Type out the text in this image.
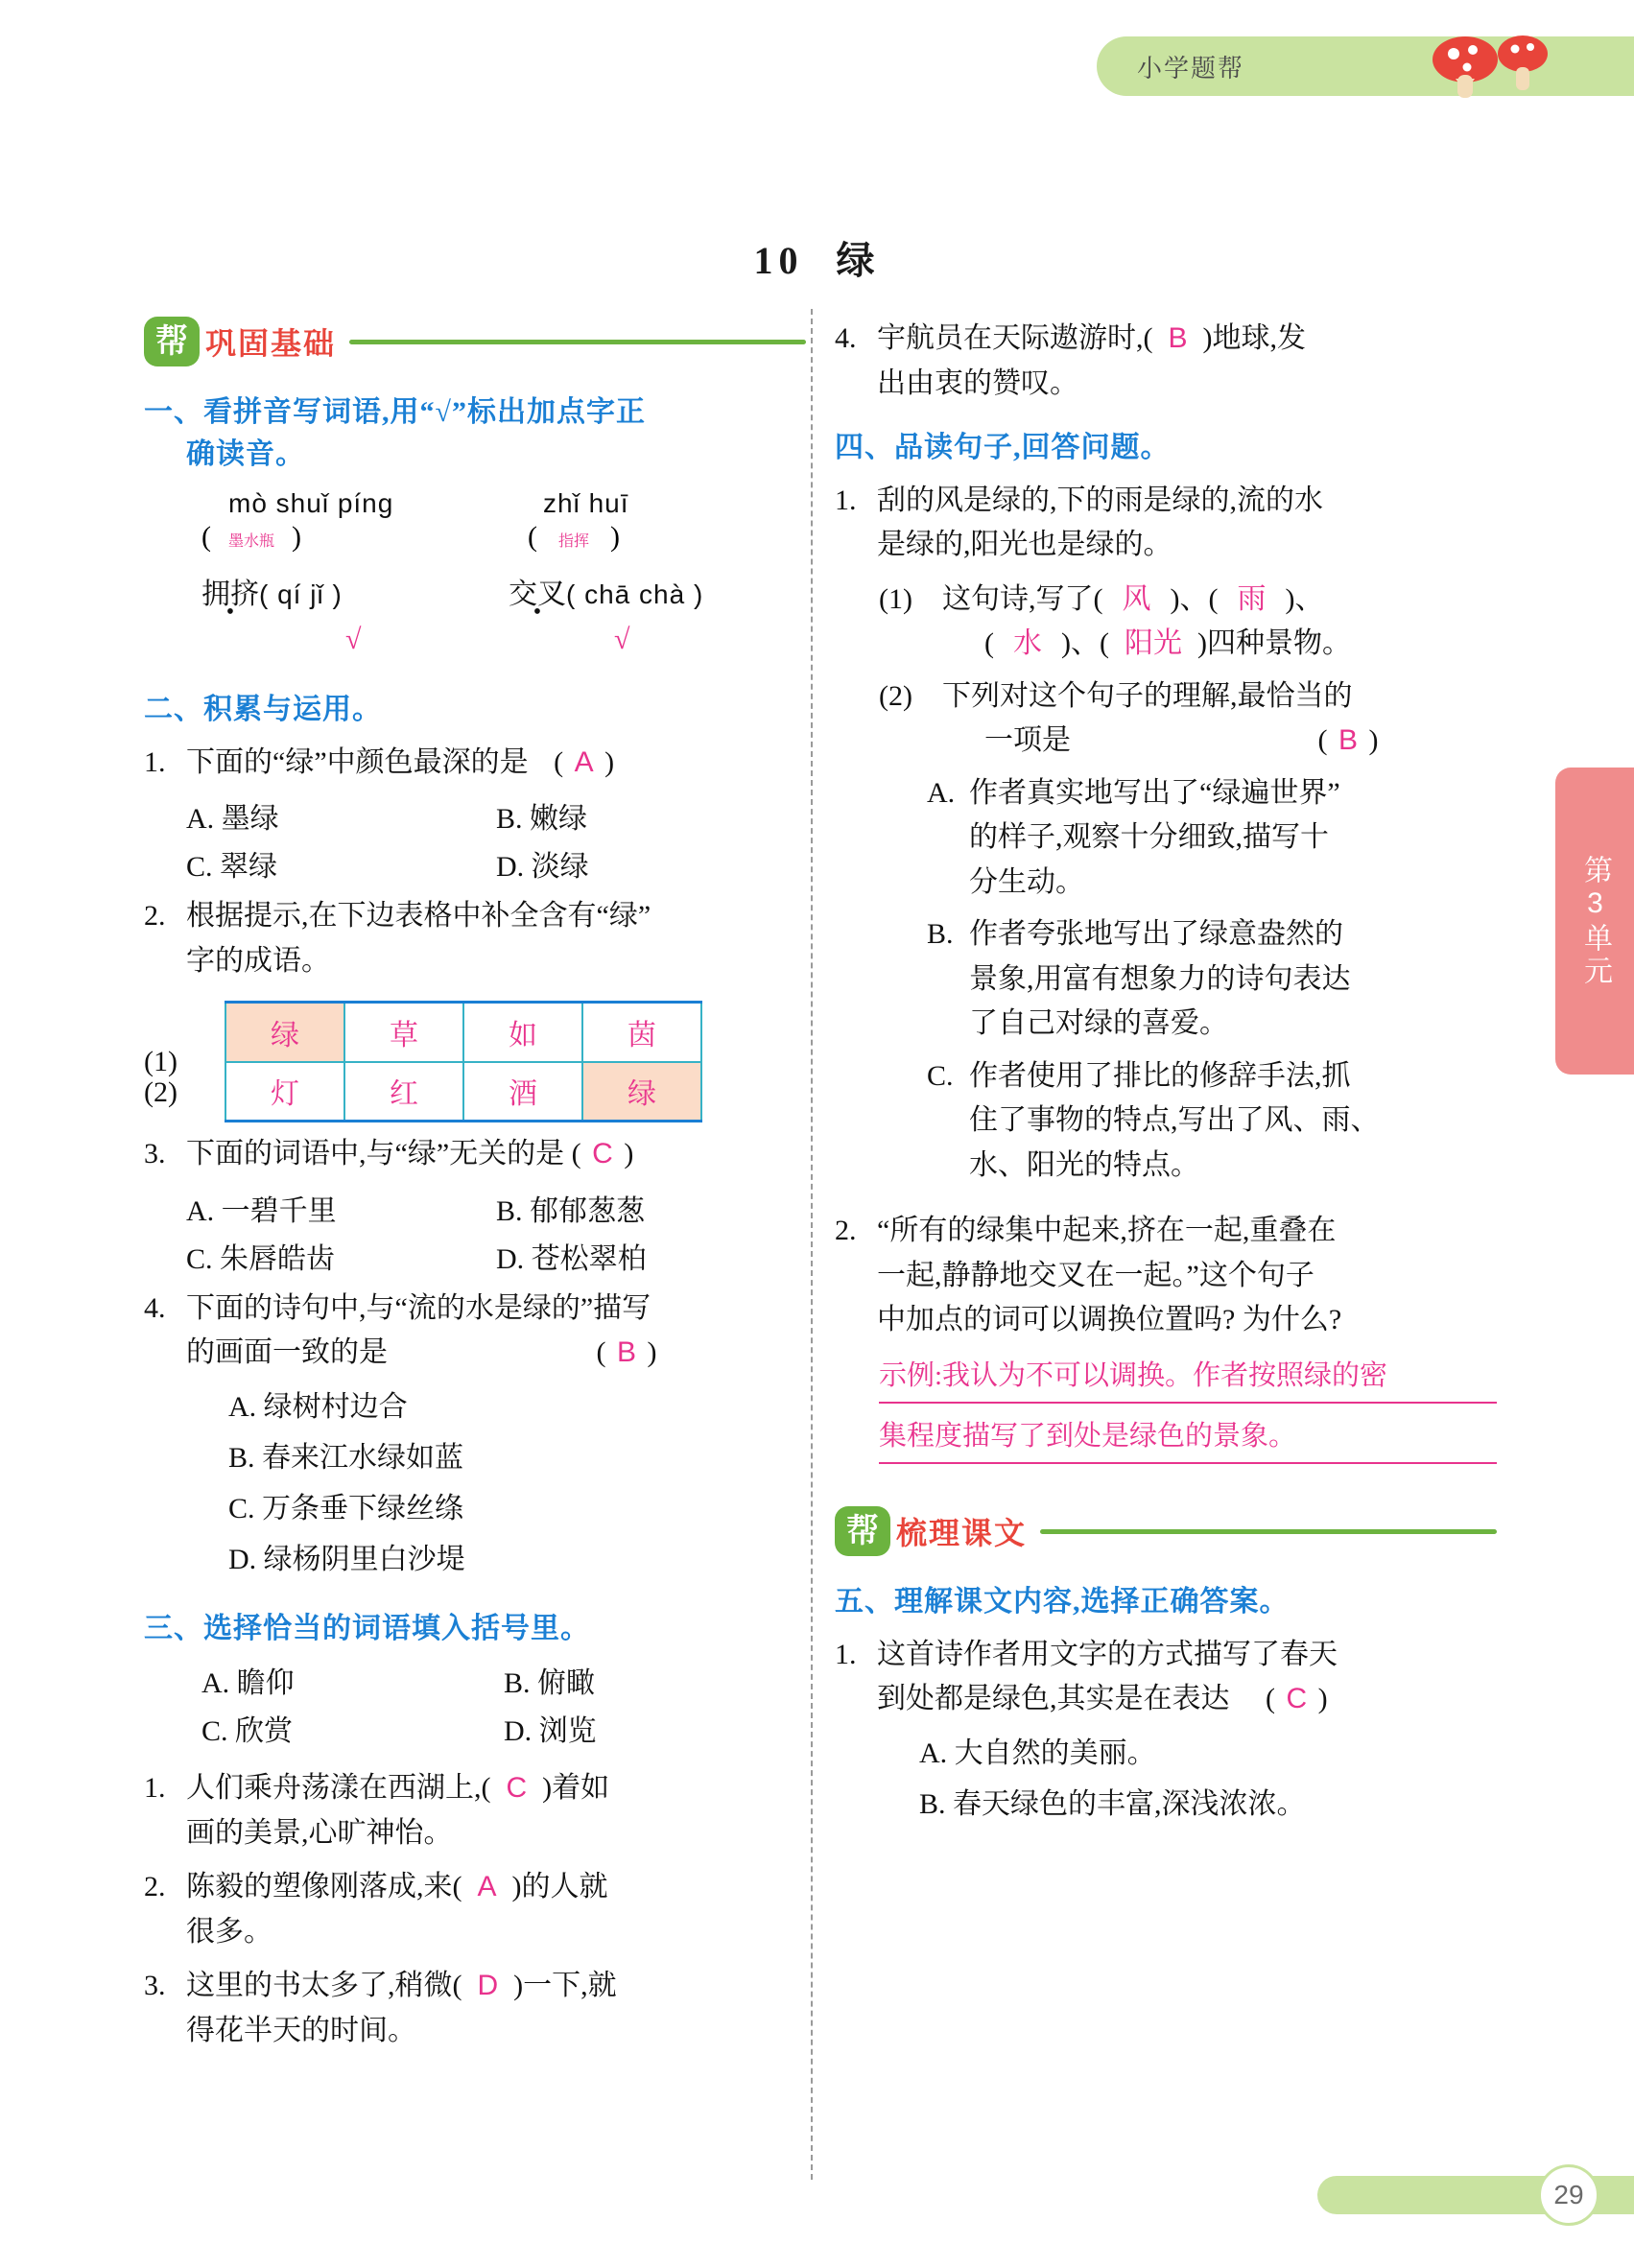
小学题帮
10 绿
帮 巩固基础
一、看拼音写词语,用“√”标出加点字正
确读音。
mò shuǐ píng	zhǐ huī
( 墨水瓶 )	( 指挥 )
拥挤( qí jǐ )
√
交叉( chā chà )
√
二、积累与运用。
1. 下面的“绿”中颜色最深的是   ( A )
A. 墨绿	B. 嫩绿
C. 翠绿	D. 淡绿
2. 根据提示,在下边表格中补全含有“绿”
字的成语。
(1)
绿	草	如	茵
灯	红	酒	绿
(2)
3. 下面的词语中,与“绿”无关的是 ( C )
A. 一碧千里	B. 郁郁葱葱
C. 朱唇皓齿	D. 苍松翠柏
4. 下面的诗句中,与“流的水是绿的”描写
的画面一致的是	( B )
A. 绿树村边合
B. 春来江水绿如蓝
C. 万条垂下绿丝绦
D. 绿杨阴里白沙堤
三、选择恰当的词语填入括号里。
A. 瞻仰	B. 俯瞰
C. 欣赏	D. 浏览
1. 人们乘舟荡漾在西湖上,( C )着如
画的美景,心旷神怡。
2. 陈毅的塑像刚落成,来( A )的人就
很多。
3. 这里的书太多了,稍微( D )一下,就
得花半天的时间。
4. 宇航员在天际遨游时,( B )地球,发
出由衷的赞叹。
四、品读句子,回答问题。
1. 刮的风是绿的,下的雨是绿的,流的水
是绿的,阳光也是绿的。
(1)	这句诗,写了( 风 )、( 雨 )、
( 水 )、( 阳光 )四种景物。
(2)	下列对这个句子的理解,最恰当的
一项是	( B )
A. 作者真实地写出了“绿遍世界”
的样子,观察十分细致,描写十
分生动。
B. 作者夸张地写出了绿意盎然的
景象,用富有想象力的诗句表达
了自己对绿的喜爱。
C. 作者使用了排比的修辞手法,抓
住了事物的特点,写出了风、雨、
水、阳光的特点。
2. “所有的绿集中起来,挤在一起,重叠在
一起,静静地交叉在一起。”这个句子
中加点的词可以调换位置吗? 为什么?
示例:我认为不可以调换。作者按照绿的密
集程度描写了到处是绿色的景象。
帮 梳理课文
五、理解课文内容,选择正确答案。
1. 这首诗作者用文字的方式描写了春天
到处都是绿色,其实是在表达 ( C )
A. 大自然的美丽。
B. 春天绿色的丰富,深浅浓浓。
第3单元
29
